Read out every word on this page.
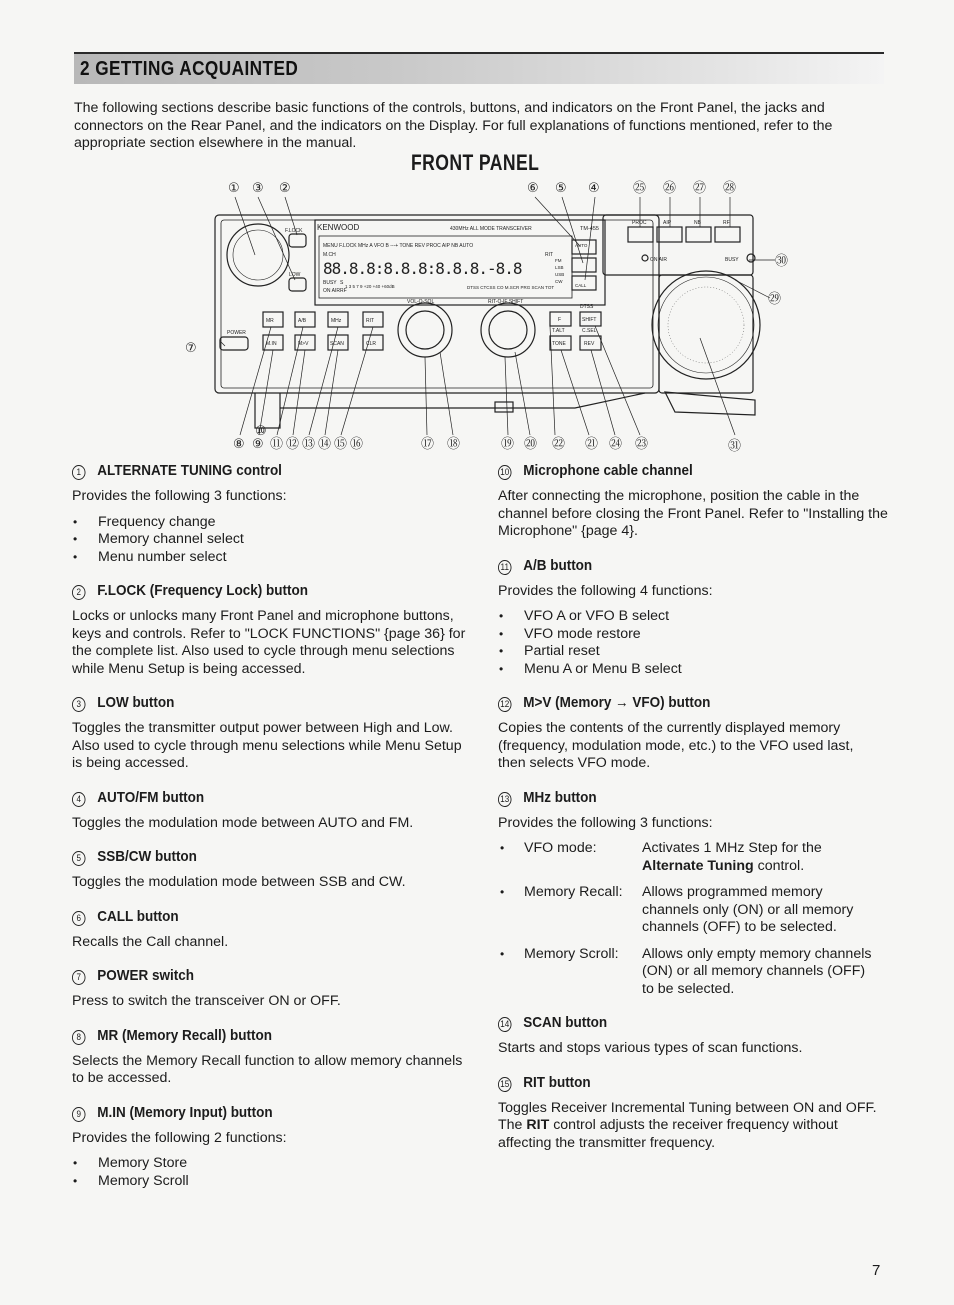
2 GETTING ACQUAINTED

The following sections describe basic functions of the controls, buttons, and indicators on the Front Panel, the jacks and connectors on the Rear Panel, and the indicators on the Display. For full explanations of functions mentioned, refer to the appropriate section elsewhere in the manual.

FRONT PANEL
KENWOOD	430MHz ALL MODE TRANSCEIVER	TM-455
MENU F.LOCK MHz A VFO B ---+ TONE REV PROC AIP NB AUTO
M.CH
88.8.8:8.8.8:8.8.8.-8.8
BUSY
ON AIR
1 3 5 7 9 +20 +40 +60dB
S
RF
DTSS CTCSS CO M.SCR PRG SCAN TOT
RIT
AUTO
CALL
FM
LSB
USB
CW
F.LOCK
LOW
POWER
VOL-O-SQL	RIT-O-IF SHIFT
DTSS
T.ALT	C.SEL
ON AIR	BUSY
PROC	AIP	NB	RF
MR	A/B	MHz	RIT
M.IN	M>V	SCAN	CLR
F	SHIFT
TONE	REV
① ③ ②	⑥ ⑤ ④	㉕ ㉖ ㉗ ㉘
㉚
㉙
㉛
⑦
⑩
⑧ ⑨ ⑪ ⑫ ⑬ ⑭ ⑮ ⑯	⑰ ⑱	⑲ ⑳ ㉒ ㉑ ㉔ ㉓
1	ALTERNATE TUNING control

Provides the following 3 functions:

• Frequency change
• Memory channel select
• Menu number select
2	F.LOCK (Frequency Lock) button

Locks or unlocks many Front Panel and microphone buttons, keys and controls. Refer to "LOCK FUNCTIONS" {page 36} for the complete list. Also used to cycle through menu selections while Menu Setup is being accessed.

3	LOW button

Toggles the transmitter output power between High and Low. Also used to cycle through menu selections while Menu Setup is being accessed.

4	AUTO/FM button

Toggles the modulation mode between AUTO and FM.

5	SSB/CW button

Toggles the modulation mode between SSB and CW.

6	CALL button

Recalls the Call channel.

7	POWER switch

Press to switch the transceiver ON or OFF.

8	MR (Memory Recall) button

Selects the Memory Recall function to allow memory channels to be accessed.

9	M.IN (Memory Input) button

Provides the following 2 functions:

• Memory Store
• Memory Scroll
10 Microphone cable channel

After connecting the microphone, position the cable in the channel before closing the Front Panel. Refer to "Installing the Microphone" {page 4}.

11 A/B button

Provides the following 4 functions:

• VFO A or VFO B select
• VFO mode restore
• Partial reset
• Menu A or Menu B select
12 M>V (Memory → VFO) button

Copies the contents of the currently displayed memory (frequency, modulation mode, etc.) to the VFO used last, then selects VFO mode.

13 MHz button

Provides the following 3 functions:

•	VFO mode:	Activates 1 MHz Step for the Alternate Tuning control.
•	Memory Recall:	Allows programmed memory channels only (ON) or all memory channels (OFF) to be selected.
•	Memory Scroll:	Allows only empty memory channels (ON) or all memory channels (OFF) to be selected.
14 SCAN button

Starts and stops various types of scan functions.

15 RIT button

Toggles Receiver Incremental Tuning between ON and OFF. The RIT control adjusts the receiver frequency without affecting the transmitter frequency.

7
